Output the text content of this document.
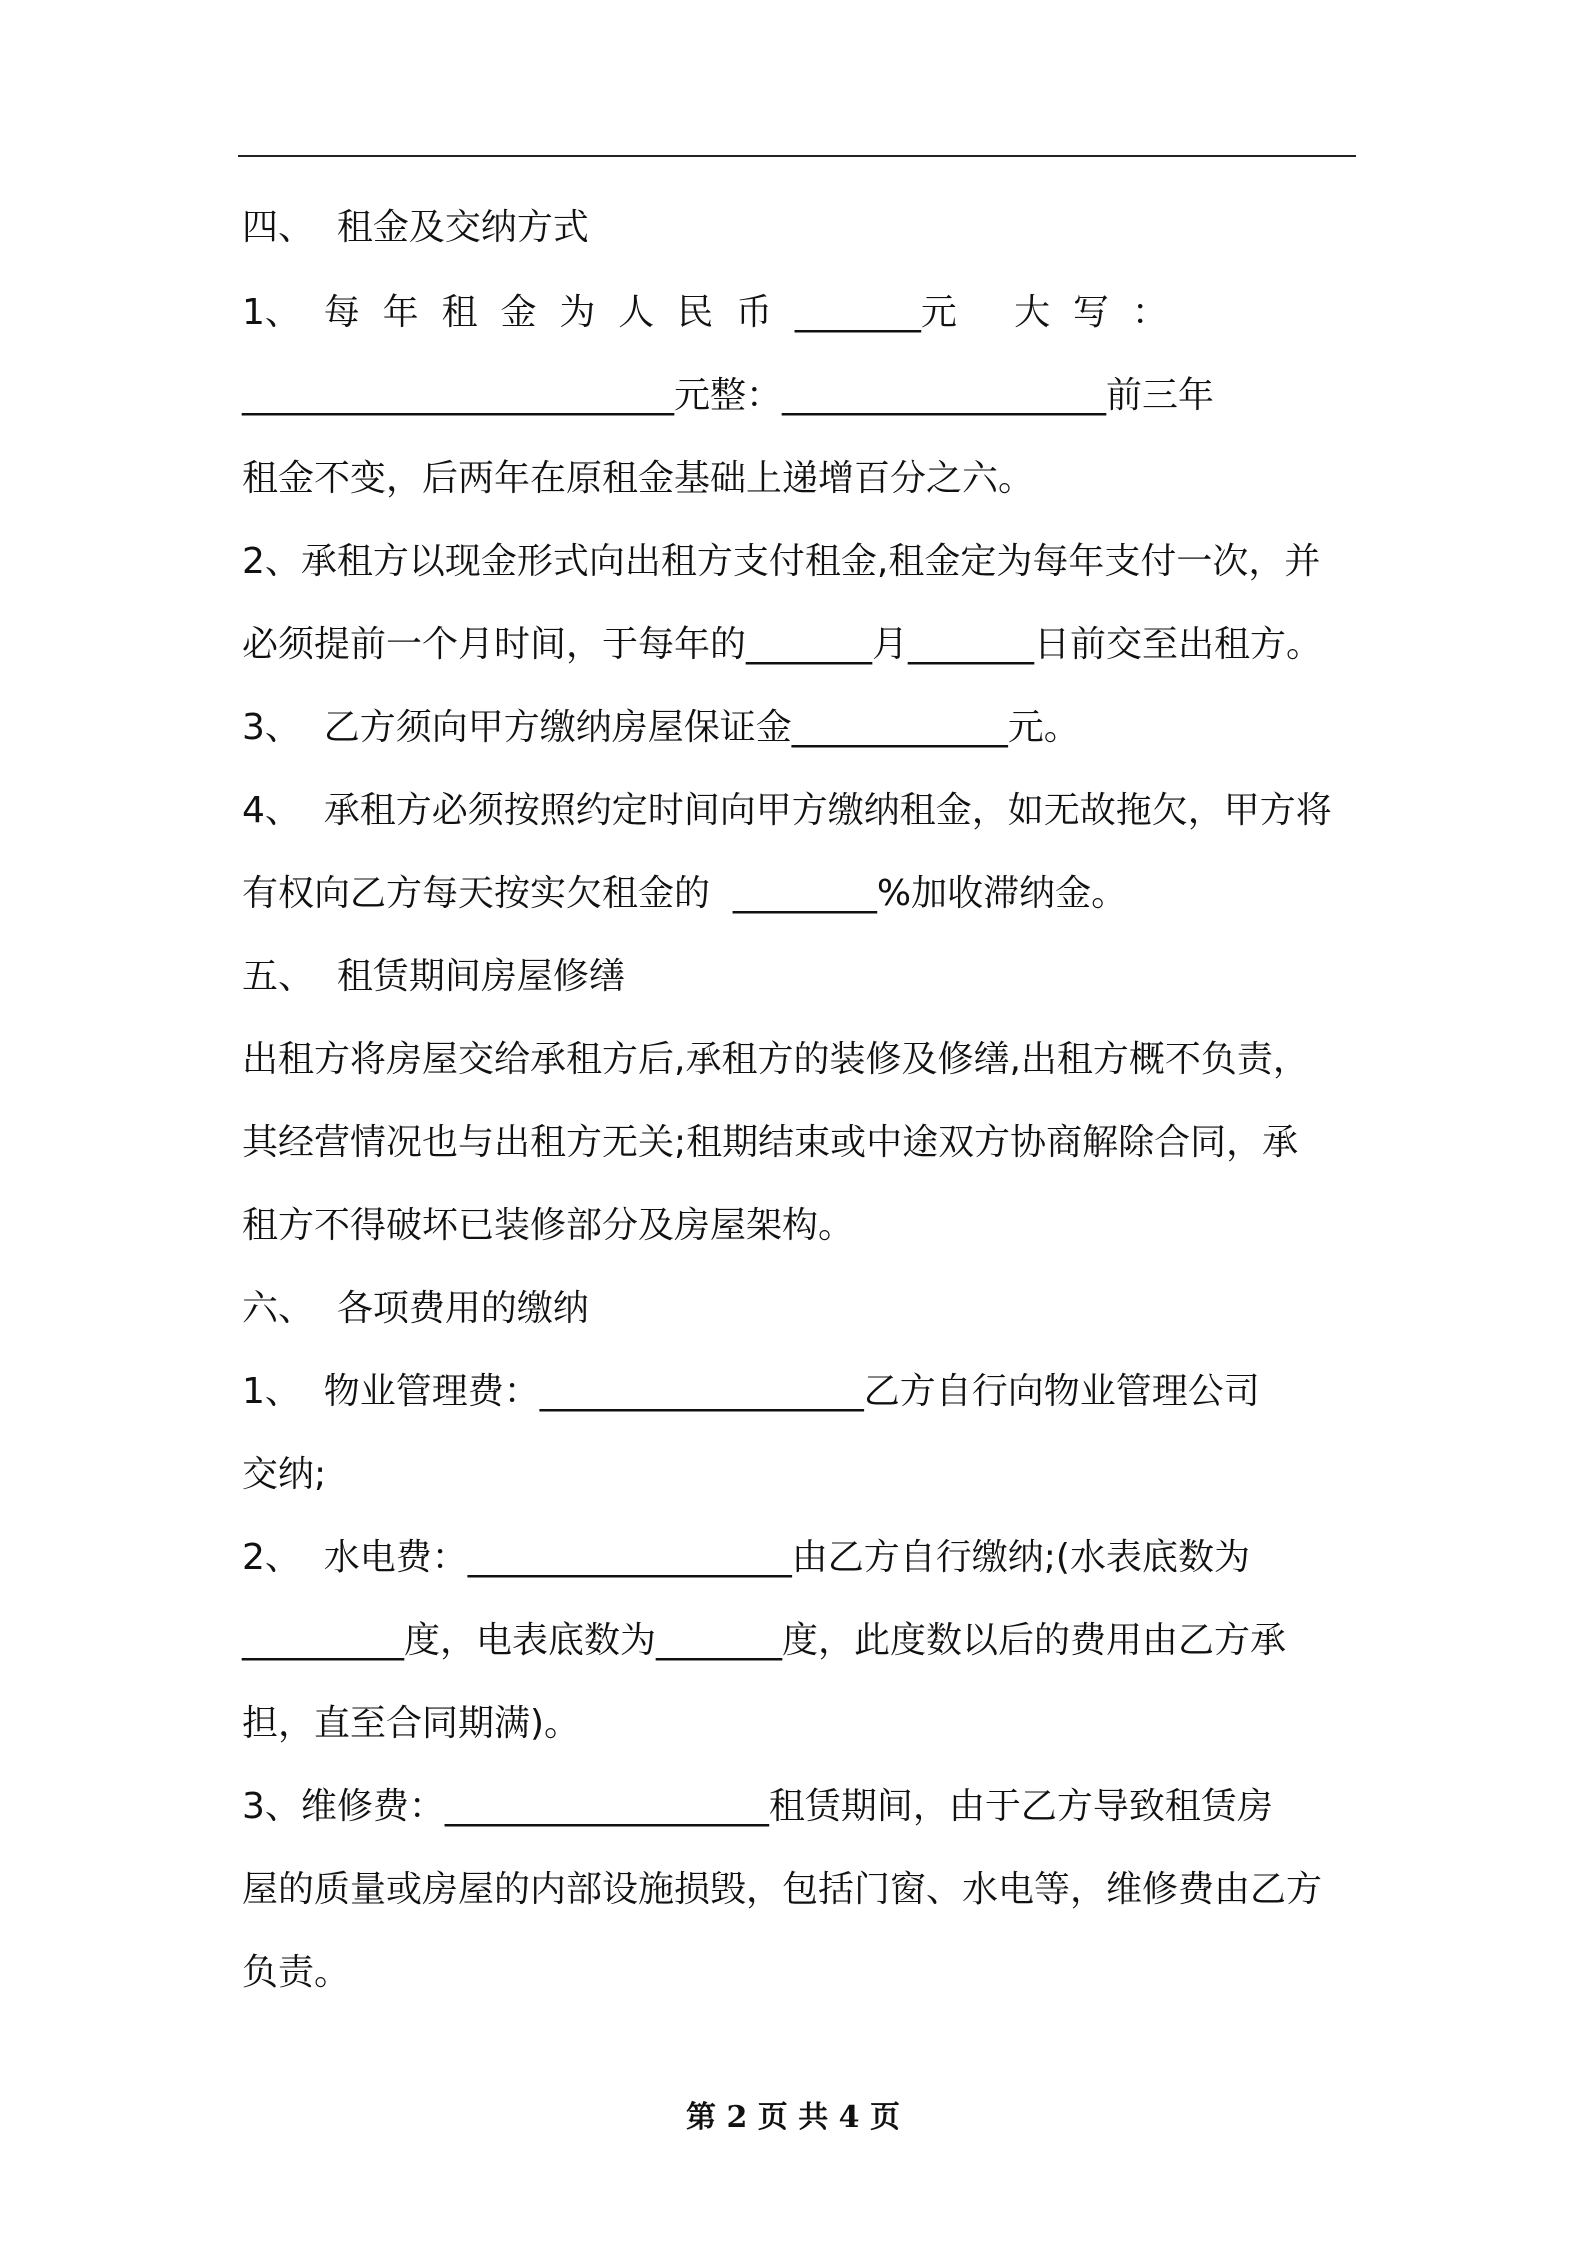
四、  租金及交纳方式
1、  每  年  租  金  为  人  民  币  _______元     大  写  ：
________________________元整：__________________前三年
租金不变，后两年在原租金基础上递增百分之六。
2、承租方以现金形式向出租方支付租金,租金定为每年支付一次，并
必须提前一个月时间，于每年的_______月_______日前交至出租方。
3、  乙方须向甲方缴纳房屋保证金____________元。
4、  承租方必须按照约定时间向甲方缴纳租金，如无故拖欠，甲方将
有权向乙方每天按实欠租金的  ________%加收滞纳金。
五、  租赁期间房屋修缮
出租方将房屋交给承租方后,承租方的装修及修缮,出租方概不负责，
其经营情况也与出租方无关;租期结束或中途双方协商解除合同，承
租方不得破坏已装修部分及房屋架构。
六、  各项费用的缴纳
1、  物业管理费：__________________乙方自行向物业管理公司
交纳;
2、  水电费：__________________由乙方自行缴纳;(水表底数为
_________度，电表底数为_______度，此度数以后的费用由乙方承
担，直至合同期满)。
3、维修费：__________________租赁期间，由于乙方导致租赁房
屋的质量或房屋的内部设施损毁，包括门窗、水电等，维修费由乙方
负责。
第 2 页 共 4 页
